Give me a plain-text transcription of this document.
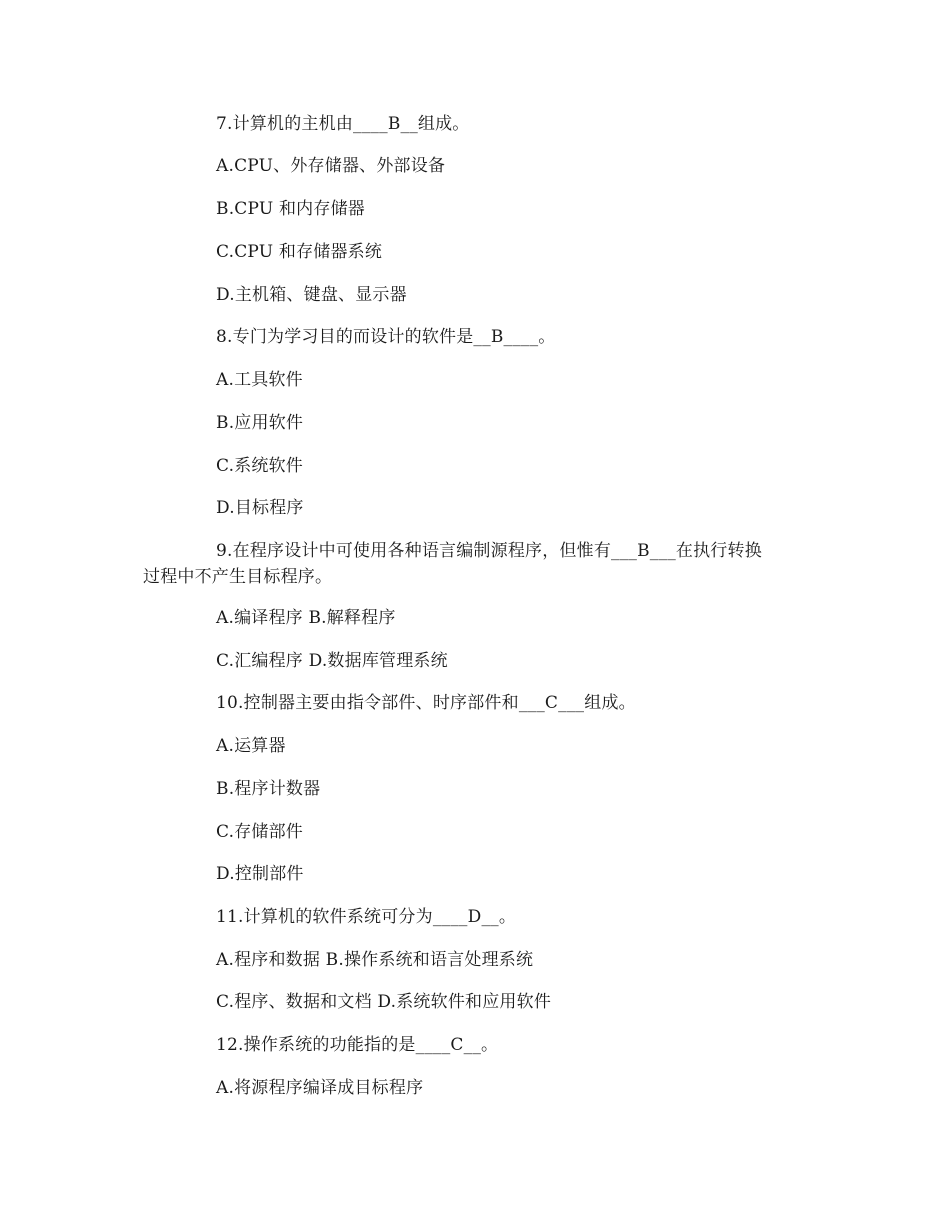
7.计算机的主机由____B__组成。
A.CPU、外存储器、外部设备
B.CPU 和内存储器
C.CPU 和存储器系统
D.主机箱、键盘、显示器
8.专门为学习目的而设计的软件是__B____。
A.工具软件
B.应用软件
C.系统软件
D.目标程序
9.在程序设计中可使用各种语言编制源程序，但惟有___B___在执行转换
过程中不产生目标程序。
A.编译程序 B.解释程序
C.汇编程序 D.数据库管理系统
10.控制器主要由指令部件、时序部件和___C___组成。
A.运算器
B.程序计数器
C.存储部件
D.控制部件
11.计算机的软件系统可分为____D__。
A.程序和数据 B.操作系统和语言处理系统
C.程序、数据和文档 D.系统软件和应用软件
12.操作系统的功能指的是____C__。
A.将源程序编译成目标程序
